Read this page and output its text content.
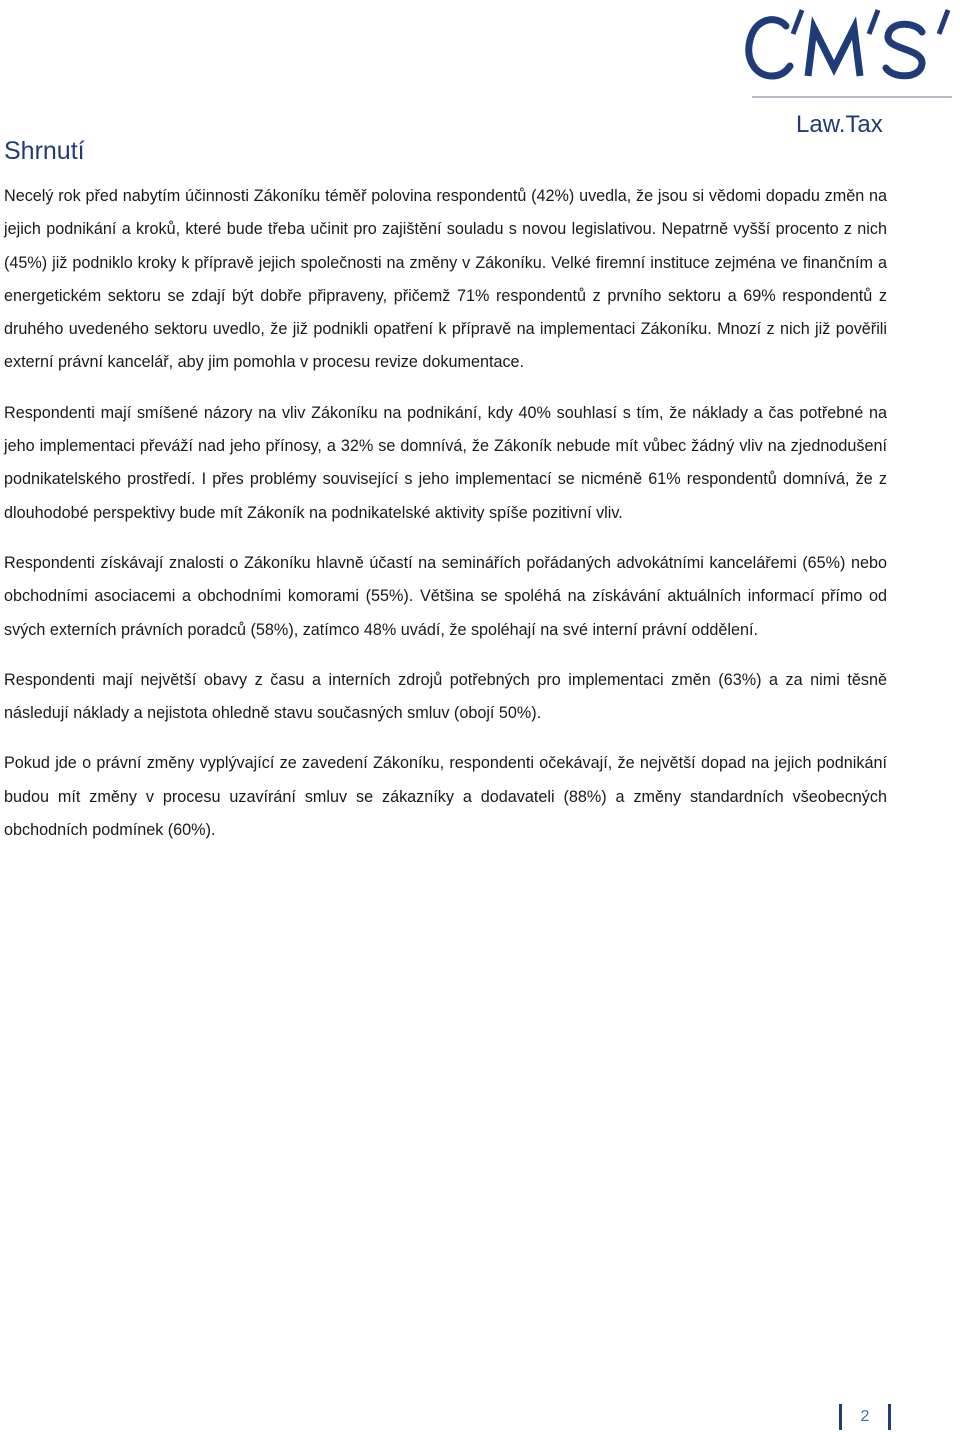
Law.Tax
Shrnutí

Necelý rok před nabytím účinnosti Zákoníku téměř polovina respondentů (42%) uvedla, že jsou si vědomi dopadu změn na jejich podnikání a kroků, které bude třeba učinit pro zajištění souladu s novou legislativou. Nepatrně vyšší procento z nich (45%) již podniklo kroky k přípravě jejich společnosti na změny v Zákoníku. Velké firemní instituce zejména ve finančním a energetickém sektoru se zdají být dobře připraveny, přičemž 71% respondentů z prvního sektoru a 69% respondentů z druhého uvedeného sektoru uvedlo, že již podnikli opatření k přípravě na implementaci Zákoníku. Mnozí z nich již pověřili externí právní kancelář, aby jim pomohla v procesu revize dokumentace.

Respondenti mají smíšené názory na vliv Zákoníku na podnikání, kdy 40% souhlasí s tím, že náklady a čas potřebné na jeho implementaci převáží nad jeho přínosy, a 32% se domnívá, že Zákoník nebude mít vůbec žádný vliv na zjednodušení podnikatelského prostředí. I přes problémy související s jeho implementací se nicméně 61% respondentů domnívá, že z dlouhodobé perspektivy bude mít Zákoník na podnikatelské aktivity spíše pozitivní vliv.

Respondenti získávají znalosti o Zákoníku hlavně účastí na seminářích pořádaných advokátními kancelářemi (65%) nebo obchodními asociacemi a obchodními komorami (55%). Většina se spoléhá na získávání aktuálních informací přímo od svých externích právních poradců (58%), zatímco 48% uvádí, že spoléhají na své interní právní oddělení.

Respondenti mají největší obavy z času a interních zdrojů potřebných pro implementaci změn (63%) a za nimi těsně následují náklady a nejistota ohledně stavu současných smluv (obojí 50%).

Pokud jde o právní změny vyplývající ze zavedení Zákoníku, respondenti očekávají, že největší dopad na jejich podnikání budou mít změny v procesu uzavírání smluv se zákazníky a dodavateli (88%) a změny standardních všeobecných obchodních podmínek (60%).

2
